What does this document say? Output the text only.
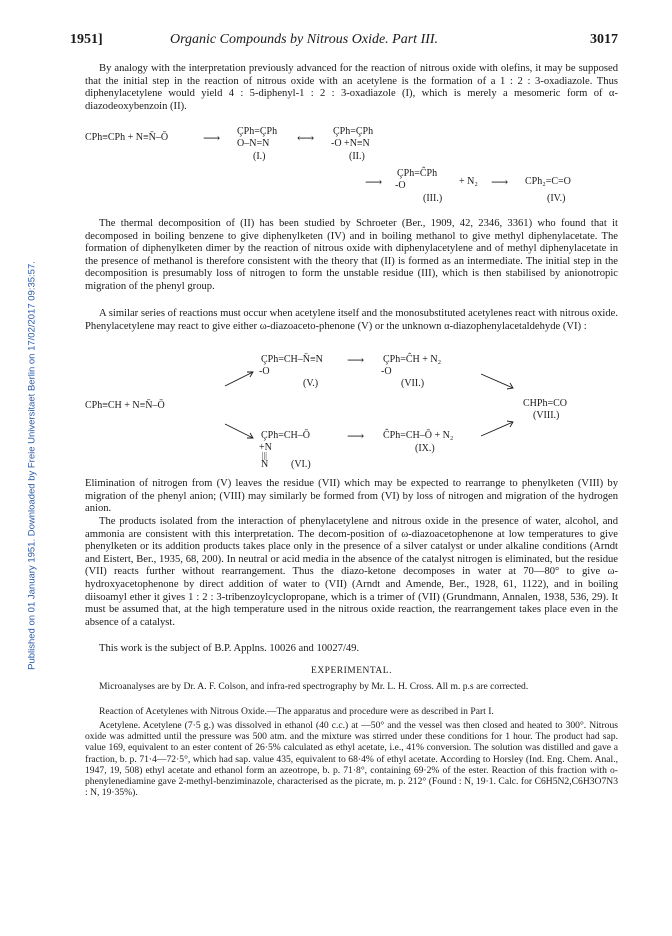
Published on 01 January 1951. Downloaded by Freie Universitaet Berlin on 17/02/2017 09:35:57.
1951]	Organic Compounds by Nitrous Oxide. Part III.	3017

By analogy with the interpretation previously advanced for the reaction of nitrous oxide with olefins, it may be supposed that the initial step in the reaction of nitrous oxide with an acetylene is the formation of a 1 : 2 : 3-oxadiazole. Thus diphenylacetylene would yield 4 : 5-diphenyl-1 : 2 : 3-oxadiazole (I), which is merely a mesomeric form of α-diazodeoxybenzoin (II).

CPh≡CPh + N≡N̄–Ō	⟶ ÇPh=ÇPh
O–N=N
(I.)
⟷ ÇPh=ÇPh
-O +N≡N
(II.)
⟶
ÇPh=ĈPh
-O
(III.)
+ N₂ ⟶ CPh₂=C=O
(IV.)

The thermal decomposition of (II) has been studied by Schroeter (Ber., 1909, 42, 2346, 3361) who found that it decomposed in boiling benzene to give diphenylketen (IV) and in boiling methanol to give methyl diphenylacetate. The formation of diphenylketen dimer by the reaction of nitrous oxide with diphenylacetylene and of methyl diphenylacetate in the presence of methanol is therefore consistent with the theory that (II) is formed as an intermediate. The initial step in the decomposition is presumably loss of nitrogen to form the unstable residue (III), which is then stabilised by anionotropic migration of the phenyl group.

A similar series of reactions must occur when acetylene itself and the monosubstituted acetylenes react with nitrous oxide. Phenylacetylene may react to give either ω-diazoaceto-phenone (V) or the unknown α-diazophenylacetaldehyde (VI) :

CPh≡CH + N≡N̄–Ō
ÇPh=CH–N̄≡N
-O
(V.)
⟶ ÇPh=ĈH + N₂
-O
(VII.)
CHPh=CO
(VIII.)
ÇPh=CH–Ō
+N
|||
N (VI.)
⟶ ĈPh=CH–Ō + N₂
(IX.)

Elimination of nitrogen from (V) leaves the residue (VII) which may be expected to rearrange to phenylketen (VIII) by migration of the phenyl anion; (VIII) may similarly be formed from (VI) by loss of nitrogen and migration of the hydrogen anion.

The products isolated from the interaction of phenylacetylene and nitrous oxide in the presence of water, alcohol, and ammonia are consistent with this interpretation. The decom-position of ω-diazoacetophenone at low temperatures to give phenylketen or its addition products takes place only in the presence of a silver catalyst or under alkaline conditions (Arndt and Eistert, Ber., 1935, 68, 200). In neutral or acid media in the absence of the catalyst nitrogen is eliminated, but the residue (VII) reacts further without rearrangement. Thus the diazo-ketone decomposes in water at 70—80° to give ω-hydroxyacetophenone by direct addition of water to (VII) (Arndt and Amende, Ber., 1928, 61, 1122), and in boiling diisoamyl ether it gives 1 : 2 : 3-tribenzoylcyclopropane, which is a trimer of (VII) (Grundmann, Annalen, 1938, 536, 29). It must be assumed that, at the high temperature used in the nitrous oxide reaction, the rearrangement takes place even in the absence of a catalyst.

This work is the subject of B.P. Applns. 10026 and 10027/49.

EXPERIMENTAL.

Microanalyses are by Dr. A. F. Colson, and infra-red spectrography by Mr. L. H. Cross. All m. p.s are corrected.

Reaction of Acetylenes with Nitrous Oxide.—The apparatus and procedure were as described in Part I.

Acetylene. Acetylene (7·5 g.) was dissolved in ethanol (40 c.c.) at —50° and the vessel was then closed and heated to 300°. Nitrous oxide was admitted until the pressure was 500 atm. and the mixture was stirred under these conditions for 1 hour. The product had sap. value 169, equivalent to an ester content of 26·5% calculated as ethyl acetate, i.e., 41% conversion. The solution was distilled and gave a fraction, b. p. 71·4—72·5°, which had sap. value 435, equivalent to 68·4% of ethyl acetate. According to Horsley (Ind. Eng. Chem. Anal., 1947, 19, 508) ethyl acetate and ethanol form an azeotrope, b. p. 71·8°, containing 69·2% of the ester. Reaction of this fraction with o-phenylenediamine gave 2-methyl-benziminazole, characterised as the picrate, m. p. 212° (Found : N, 19·1. Calc. for C6H5N2,C6H3O7N3 : N, 19·35%).
